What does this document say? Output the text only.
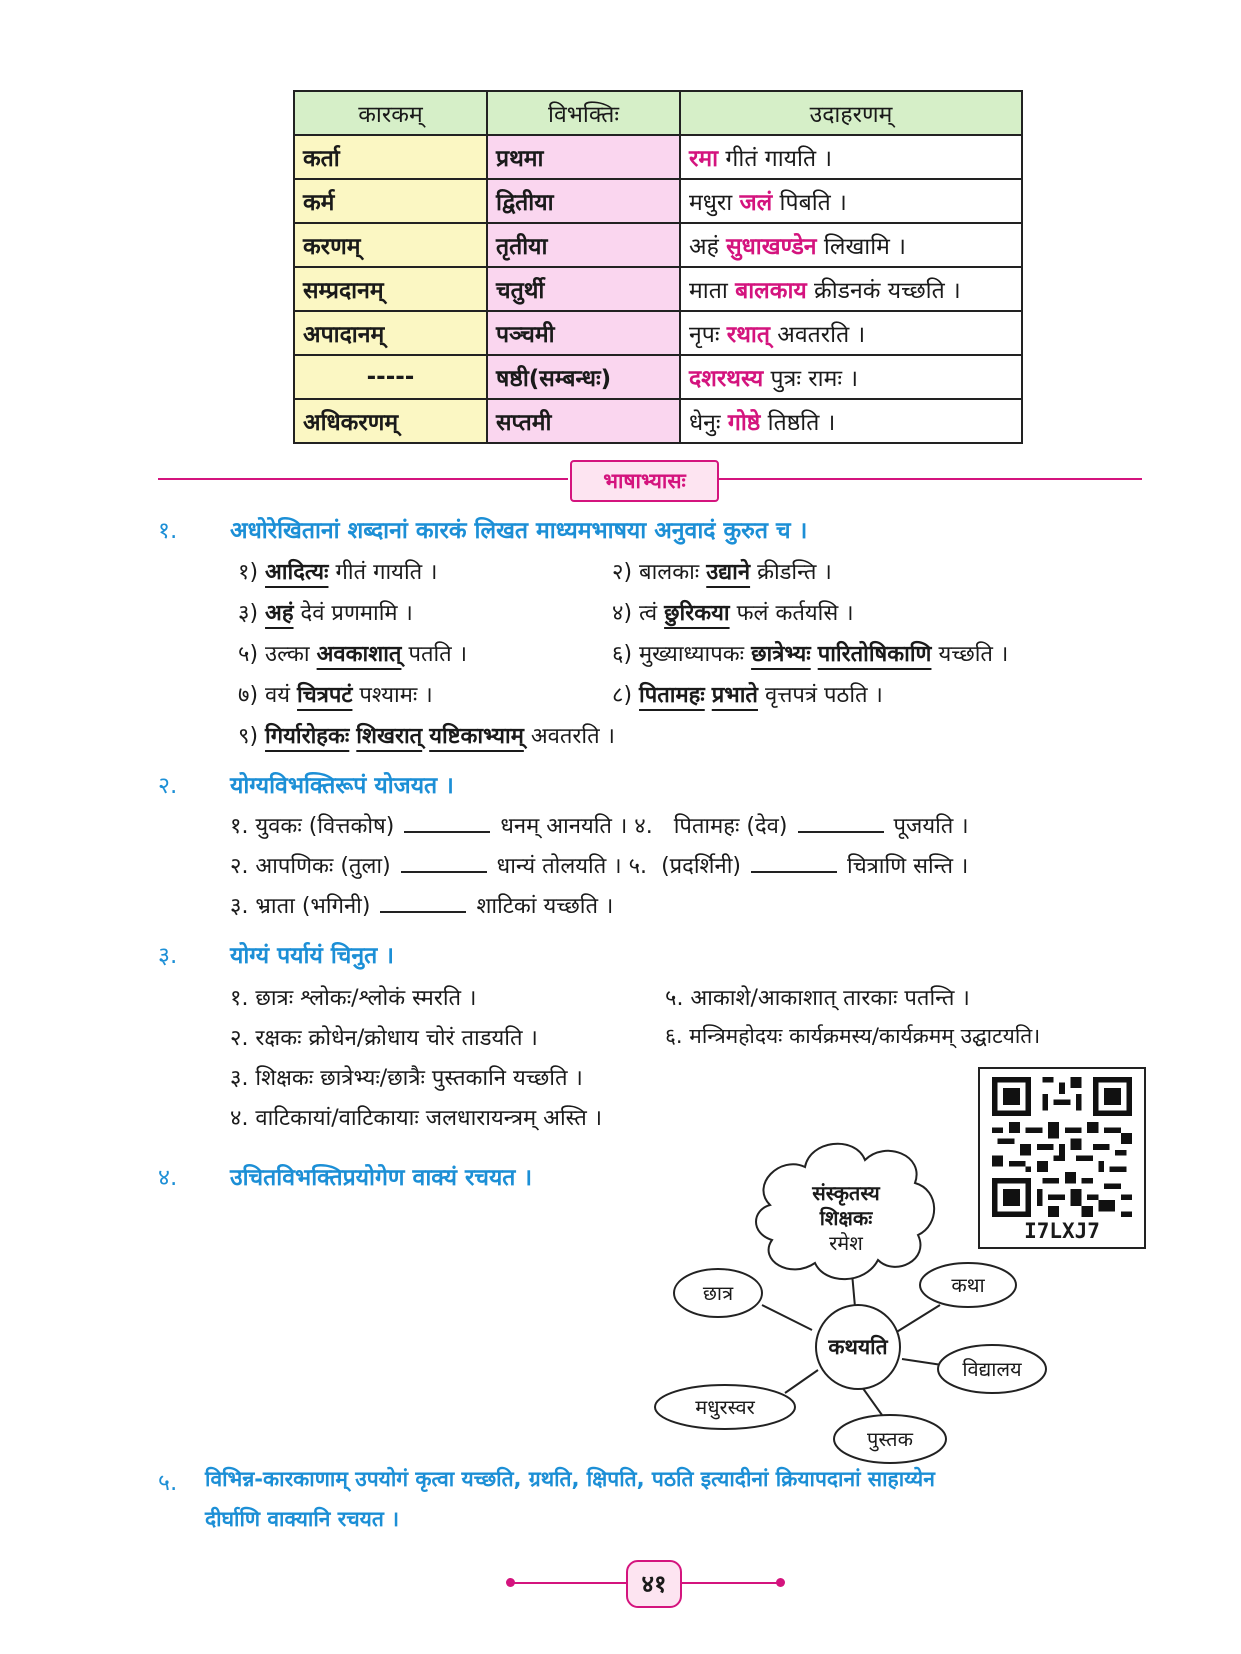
कारकम्	विभक्तिः	उदाहरणम्
कर्ता	प्रथमा	रमा गीतं गायति ।
कर्म	द्वितीया	मधुरा जलं पिबति ।
करणम्	तृतीया	अहं सुधाखण्डेन लिखामि ।
सम्प्रदानम्	चतुर्थी	माता बालकाय क्रीडनकं यच्छति ।
अपादानम्	पञ्चमी	नृपः रथात् अवतरति ।
-----	षष्ठी(सम्बन्धः)	दशरथस्य पुत्रः रामः ।
अधिकरणम्	सप्तमी	धेनुः गोष्ठे तिष्ठति ।
भाषाभ्यासः
१. अधोरेखितानां शब्दानां कारकं लिखत माध्यमभाषया अनुवादं कुरुत च ।
१) आदित्यः गीतं गायति ।	२) बालकाः उद्याने क्रीडन्ति ।
३) अहं देवं प्रणमामि ।	४) त्वं छुरिकया फलं कर्तयसि ।
५) उल्का अवकाशात् पतति ।	६) मुख्याध्यापकः छात्रेभ्यः पारितोषिकाणि यच्छति ।
७) वयं चित्रपटं पश्यामः ।	८) पितामहः प्रभाते वृत्तपत्रं पठति ।
९) गिर्यारोहकः शिखरात् यष्टिकाभ्याम् अवतरति ।
२. योग्यविभक्तिरूपं योजयत ।
१. युवकः (वित्तकोष)	धनम् आनयति । ४. पितामहः (देव)	पूजयति ।
२. आपणिकः (तुला)	धान्यं तोलयति । ५. (प्रदर्शिनी)	चित्राणि सन्ति ।
३. भ्राता (भगिनी)	शाटिकां यच्छति ।
३. योग्यं पर्यायं चिनुत ।
१. छात्रः श्लोकः/श्लोकं स्मरति ।
२. रक्षकः क्रोधेन/क्रोधाय चोरं ताडयति ।
३. शिक्षकः छात्रेभ्यः/छात्रैः पुस्तकानि यच्छति ।
४. वाटिकायां/वाटिकायाः जलधारायन्त्रम् अस्ति ।
५. आकाशे/आकाशात् तारकाः पतन्ति ।
६. मन्त्रिमहोदयः कार्यक्रमस्य/कार्यक्रमम् उद्घाटयति।
I7LXJ7
४. उचितविभक्तिप्रयोगेण वाक्यं रचयत ।
संस्कृतस्य
शिक्षकः
रमेश
कथयति
छात्र	कथा
विद्यालय
मधुरस्वर
पुस्तक
५. विभिन्न-कारकाणाम् उपयोगं कृत्वा यच्छति, ग्रथति, क्षिपति, पठति इत्यादीनां क्रियापदानां साहाय्येन
दीर्घाणि वाक्यानि रचयत ।
४१
